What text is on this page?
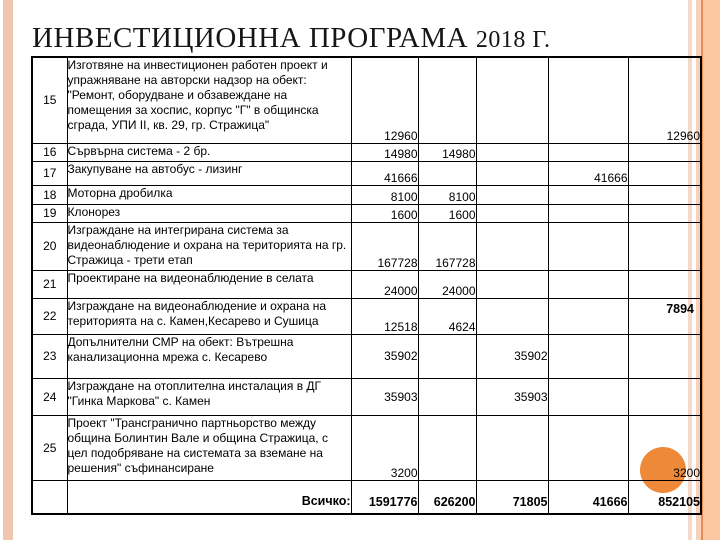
ИНВЕСТИЦИОННА ПРОГРАМА 2018 Г.
15	Изготвяне на инвестиционен работен проект и упражняване на авторски надзор на обект: "Ремонт, оборудване и обзавеждане на помещения за хоспис, корпус "Г" в общинска сграда, УПИ II, кв. 29, гр. Стражица"	12960				12960
16	Сървърна система - 2 бр.	14980	14980			
17	Закупуване на автобус - лизинг	41666			41666	
18	Моторна дробилка	8100	8100			
19	Клонорез	1600	1600			
20	Изграждане на интегрирана система за видеонаблюдение и охрана на територията на гр. Стражица - трети етап	167728	167728			
21	Проектиране на видеонаблюдение в селата	24000	24000			
22	Изграждане на видеонаблюдение и охрана на територията на с. Камен,Кесарево и Сушица	12518	4624			7894
23	Допълнителни СМР на обект: Вътрешна канализационна мрежа с. Кесарево	35902		35902		
24	Изграждане на отоплителна инсталация в ДГ "Гинка Маркова" с. Камен	35903		35903		
25	Проект "Трансгранично партньорство между община Болинтин Вале и община Стражица, с цел подобряване на системата за вземане на решения" съфинансиране	3200				3200
	Всичко:	1591776	626200	71805	41666	852105
